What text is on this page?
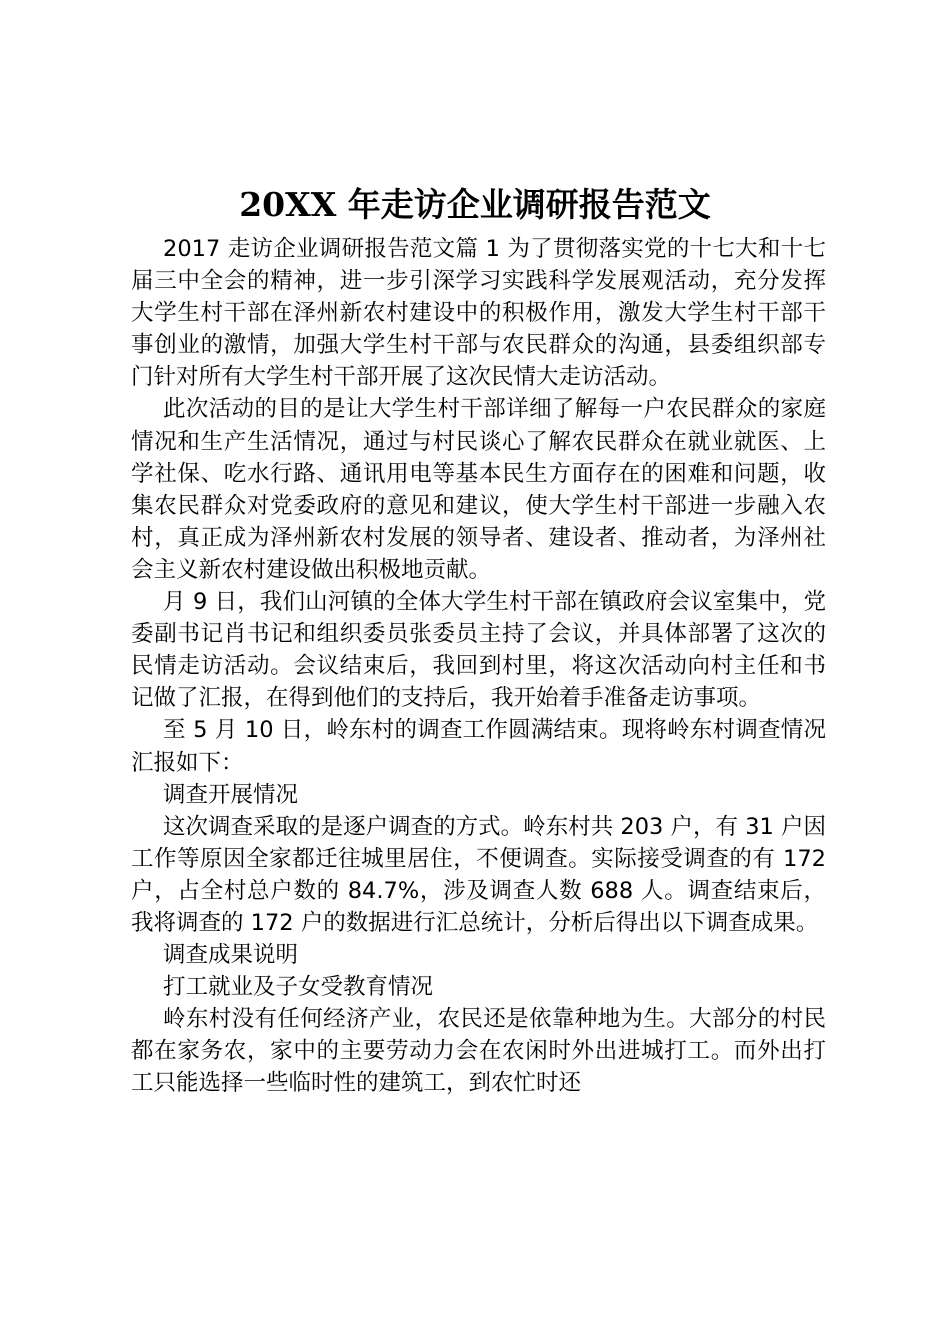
20XX 年走访企业调研报告范文

2017 走访企业调研报告范文篇 1 为了贯彻落实党的十七大和十七届三中全会的精神，进一步引深学习实践科学发展观活动，充分发挥大学生村干部在泽州新农村建设中的积极作用，激发大学生村干部干事创业的激情，加强大学生村干部与农民群众的沟通，县委组织部专门针对所有大学生村干部开展了这次民情大走访活动。

此次活动的目的是让大学生村干部详细了解每一户农民群众的家庭情况和生产生活情况，通过与村民谈心了解农民群众在就业就医、上学社保、吃水行路、通讯用电等基本民生方面存在的困难和问题，收集农民群众对党委政府的意见和建议，使大学生村干部进一步融入农村，真正成为泽州新农村发展的领导者、建设者、推动者，为泽州社会主义新农村建设做出积极地贡献。

月 9 日，我们山河镇的全体大学生村干部在镇政府会议室集中，党委副书记肖书记和组织委员张委员主持了会议，并具体部署了这次的民情走访活动。会议结束后，我回到村里，将这次活动向村主任和书记做了汇报，在得到他们的支持后，我开始着手准备走访事项。

至 5 月 10 日，岭东村的调查工作圆满结束。现将岭东村调查情况汇报如下：

调查开展情况

这次调查采取的是逐户调查的方式。岭东村共 203 户，有 31 户因工作等原因全家都迁往城里居住，不便调查。实际接受调查的有 172 户，占全村总户数的 84.7%，涉及调查人数 688 人。调查结束后，我将调查的 172 户的数据进行汇总统计，分析后得出以下调查成果。

调查成果说明

打工就业及子女受教育情况

岭东村没有任何经济产业，农民还是依靠种地为生。大部分的村民都在家务农，家中的主要劳动力会在农闲时外出进城打工。而外出打工只能选择一些临时性的建筑工，到农忙时还
